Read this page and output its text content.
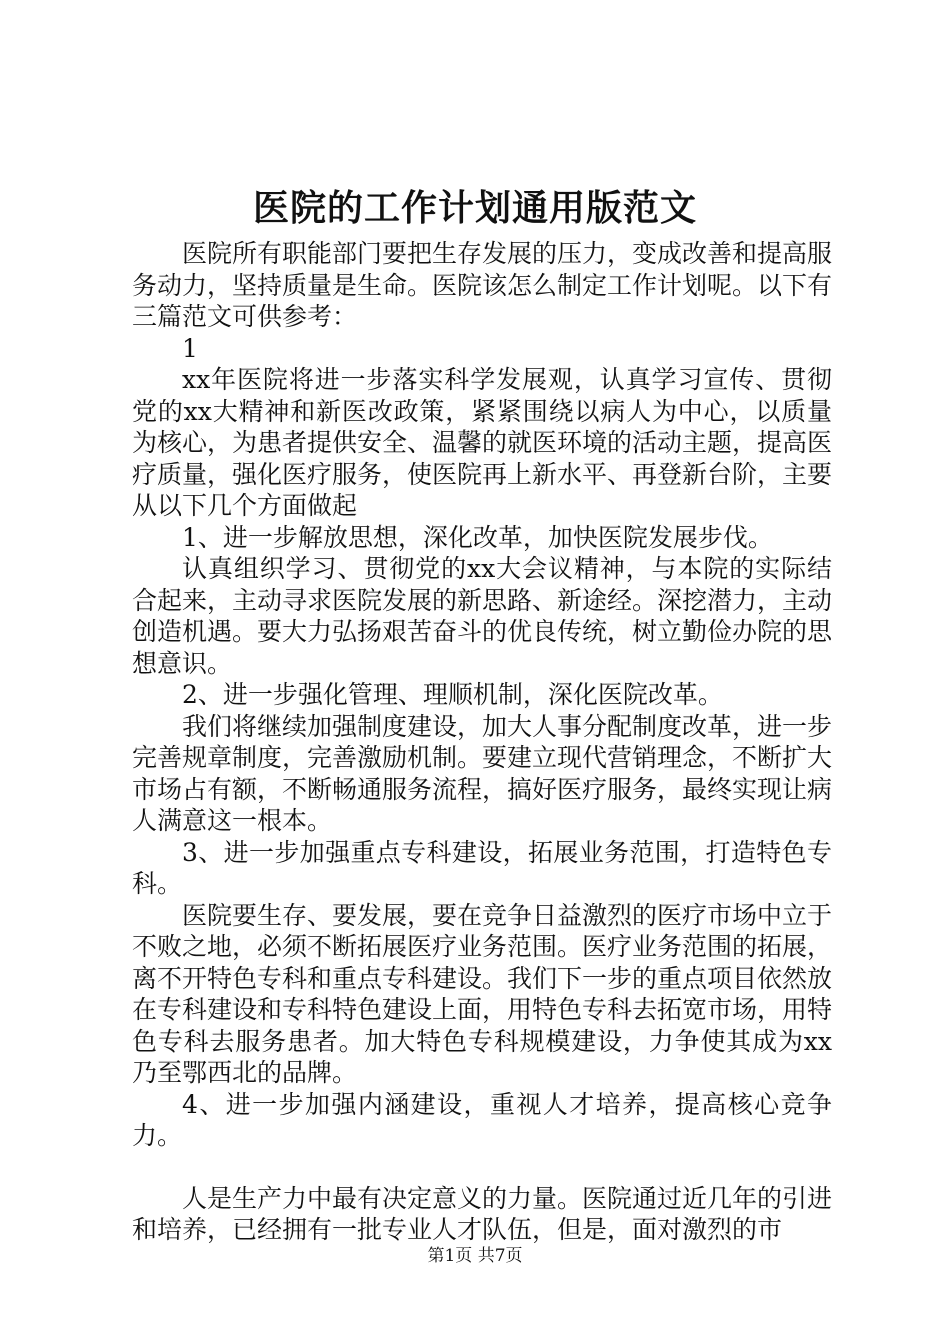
医院的工作计划通用版范文

医院所有职能部门要把生存发展的压力，变成改善和提高服务动力，坚持质量是生命。医院该怎么制定工作计划呢。以下有三篇范文可供参考：

1

xx年医院将进一步落实科学发展观，认真学习宣传、贯彻党的xx大精神和新医改政策，紧紧围绕以病人为中心，以质量为核心，为患者提供安全、温馨的就医环境的活动主题，提高医疗质量，强化医疗服务，使医院再上新水平、再登新台阶，主要从以下几个方面做起

1、进一步解放思想，深化改革，加快医院发展步伐。

认真组织学习、贯彻党的xx大会议精神，与本院的实际结合起来，主动寻求医院发展的新思路、新途经。深挖潜力，主动创造机遇。要大力弘扬艰苦奋斗的优良传统，树立勤俭办院的思想意识。

2、进一步强化管理、理顺机制，深化医院改革。

我们将继续加强制度建设，加大人事分配制度改革，进一步完善规章制度，完善激励机制。要建立现代营销理念，不断扩大市场占有额，不断畅通服务流程，搞好医疗服务，最终实现让病人满意这一根本。

3、进一步加强重点专科建设，拓展业务范围，打造特色专科。

医院要生存、要发展，要在竞争日益激烈的医疗市场中立于不败之地，必须不断拓展医疗业务范围。医疗业务范围的拓展，离不开特色专科和重点专科建设。我们下一步的重点项目依然放在专科建设和专科特色建设上面，用特色专科去拓宽市场，用特色专科去服务患者。加大特色专科规模建设，力争使其成为xx乃至鄂西北的品牌。

4、进一步加强内涵建设，重视人才培养，提高核心竞争力。

人是生产力中最有决定意义的力量。医院通过近几年的引进和培养，已经拥有一批专业人才队伍，但是，面对激烈的市

第1页 共7页
